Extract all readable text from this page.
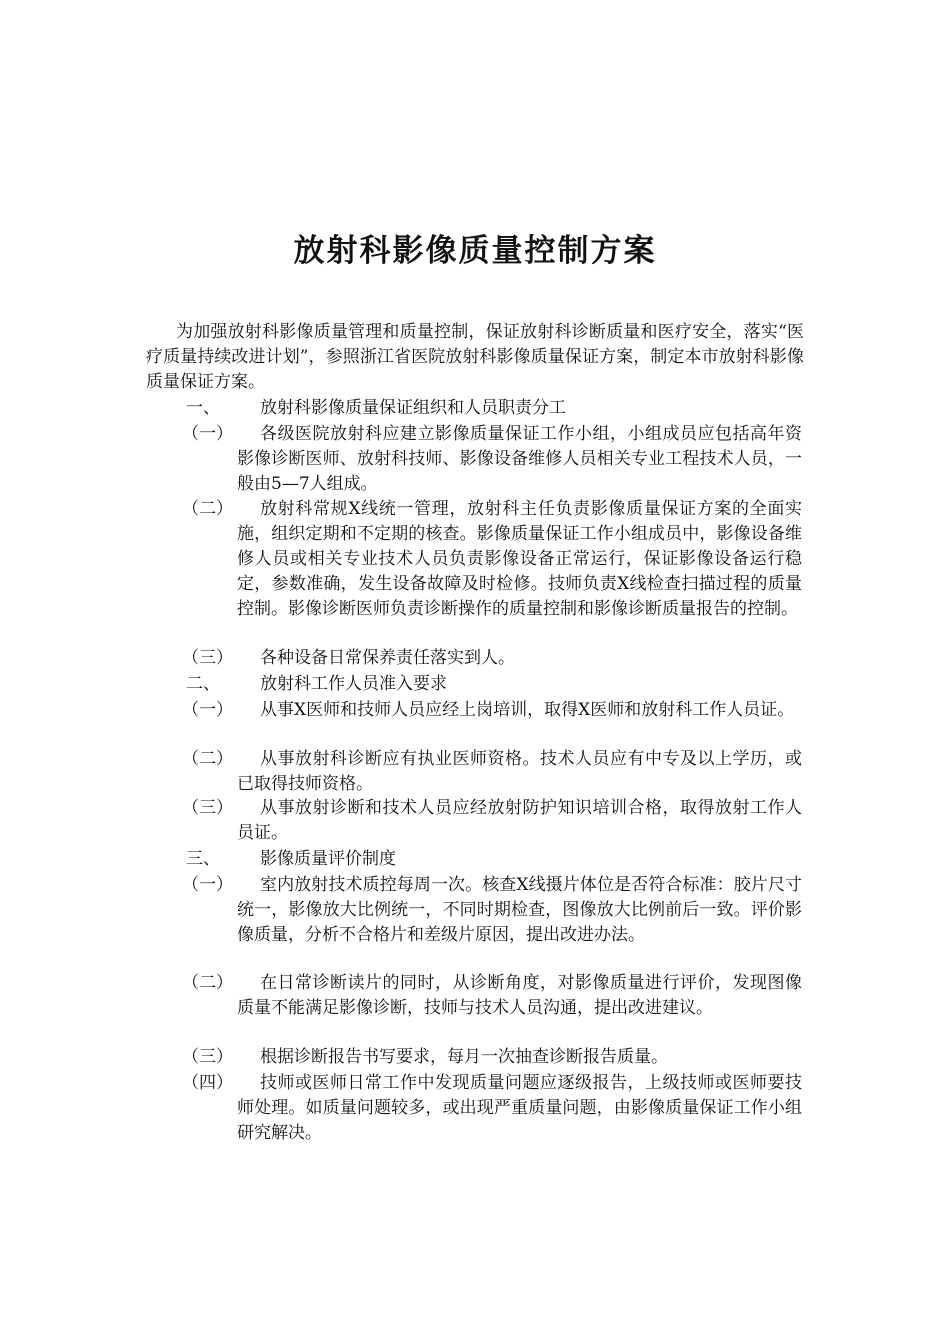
放射科影像质量控制方案
为加强放射科影像质量管理和质量控制，保证放射科诊断质量和医疗安全，落实“医疗质量持续改进计划”，参照浙江省医院放射科影像质量保证方案，制定本市放射科影像质量保证方案。
一、	放射科影像质量保证组织和人员职责分工
（一）	各级医院放射科应建立影像质量保证工作小组，小组成员应包括高年资影像诊断医师、放射科技师、影像设备维修人员相关专业工程技术人员，一般由5—7人组成。
（二）	放射科常规X线统一管理，放射科主任负责影像质量保证方案的全面实施，组织定期和不定期的核查。影像质量保证工作小组成员中，影像设备维修人员或相关专业技术人员负责影像设备正常运行，保证影像设备运行稳定，参数准确，发生设备故障及时检修。技师负责X线检查扫描过程的质量控制。影像诊断医师负责诊断操作的质量控制和影像诊断质量报告的控制。
（三）	各种设备日常保养责任落实到人。
二、	放射科工作人员准入要求
（一）	从事X医师和技师人员应经上岗培训，取得X医师和放射科工作人员证。
（二）	从事放射科诊断应有执业医师资格。技术人员应有中专及以上学历，或已取得技师资格。
（三）	从事放射诊断和技术人员应经放射防护知识培训合格，取得放射工作人员证。
三、	影像质量评价制度
（一）	室内放射技术质控每周一次。核查X线摄片体位是否符合标准：胶片尺寸统一，影像放大比例统一，不同时期检查，图像放大比例前后一致。评价影像质量，分析不合格片和差级片原因，提出改进办法。
（二）	在日常诊断读片的同时，从诊断角度，对影像质量进行评价，发现图像质量不能满足影像诊断，技师与技术人员沟通，提出改进建议。
（三）	根据诊断报告书写要求，每月一次抽查诊断报告质量。
（四）	技师或医师日常工作中发现质量问题应逐级报告，上级技师或医师要技师处理。如质量问题较多，或出现严重质量问题，由影像质量保证工作小组研究解决。
